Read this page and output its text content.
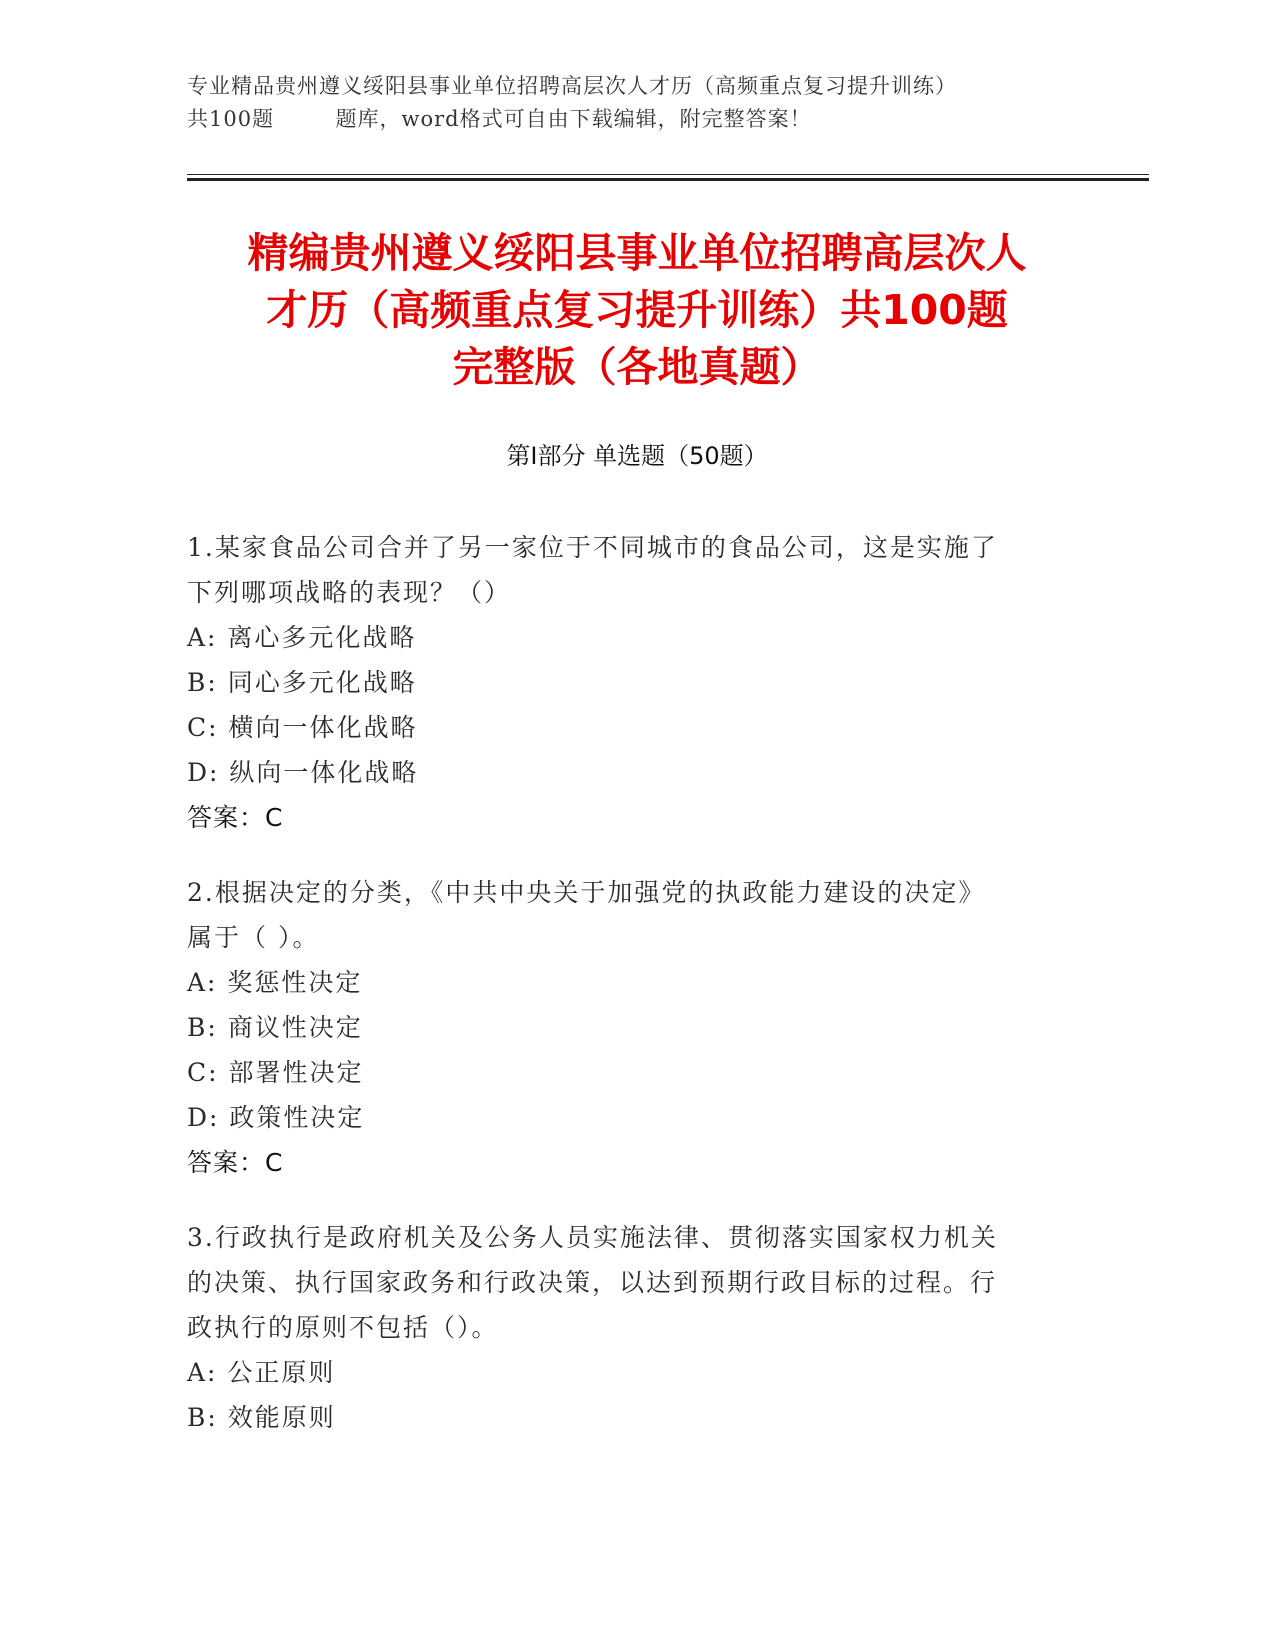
专业精品贵州遵义绥阳县事业单位招聘高层次人才历（高频重点复习提升训练）
共100题        题库，word格式可自由下载编辑，附完整答案！
精编贵州遵义绥阳县事业单位招聘高层次人
才历（高频重点复习提升训练）共100题
完整版（各地真题）
第Ⅰ部分 单选题（50题）
1.某家食品公司合并了另一家位于不同城市的食品公司，这是实施了
下列哪项战略的表现？（）
A: 离心多元化战略
B: 同心多元化战略
C: 横向一体化战略
D: 纵向一体化战略
答案：C
2.根据决定的分类，《中共中央关于加强党的执政能力建设的决定》
属于（ ）。
A: 奖惩性决定
B: 商议性决定
C: 部署性决定
D: 政策性决定
答案：C
3.行政执行是政府机关及公务人员实施法律、贯彻落实国家权力机关
的决策、执行国家政务和行政决策，以达到预期行政目标的过程。行
政执行的原则不包括（）。
A: 公正原则
B: 效能原则
